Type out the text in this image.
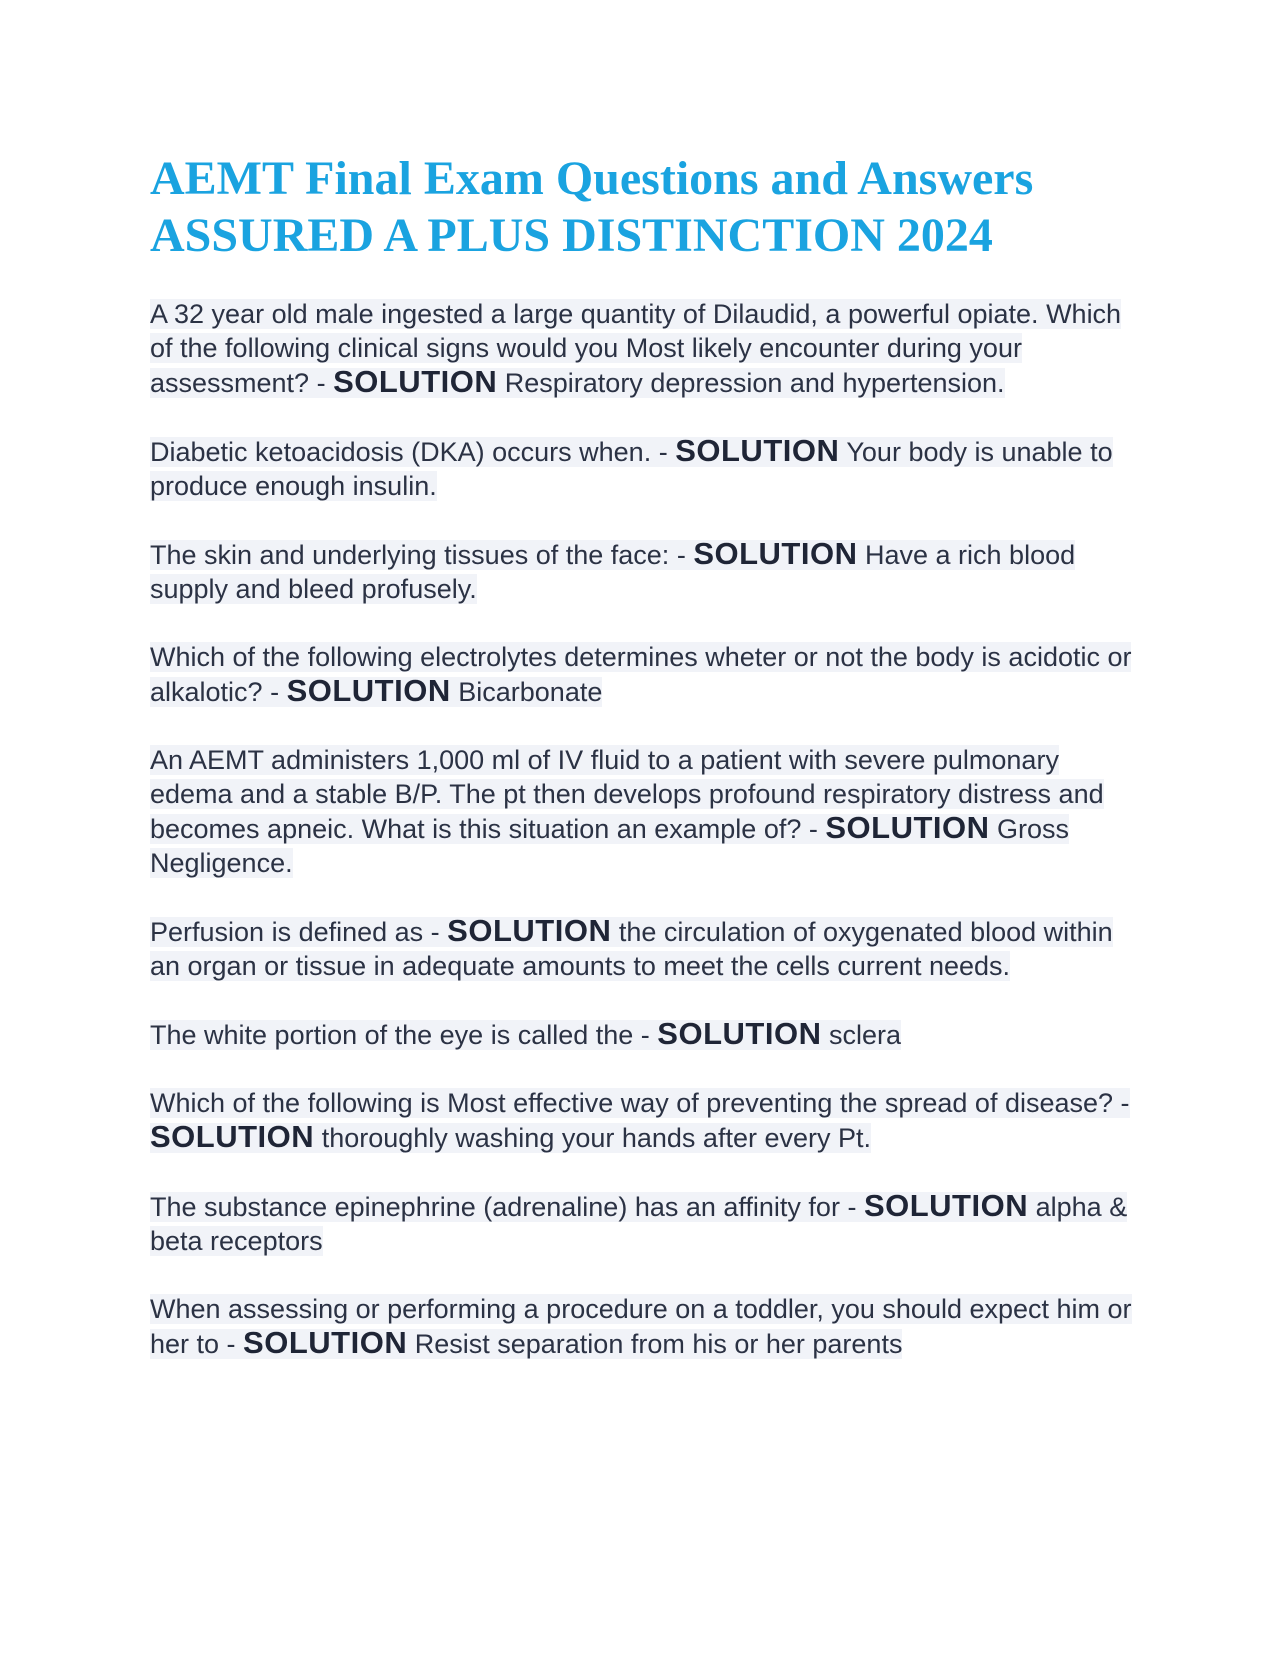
AEMT Final Exam Questions and Answers
ASSURED A PLUS DISTINCTION 2024

A 32 year old male ingested a large quantity of Dilaudid, a powerful opiate. Which of the following clinical signs would you Most likely encounter during your assessment? - SOLUTION Respiratory depression and hypertension.

Diabetic ketoacidosis (DKA) occurs when. - SOLUTION Your body is unable to produce enough insulin.

The skin and underlying tissues of the face: - SOLUTION Have a rich blood supply and bleed profusely.

Which of the following electrolytes determines wheter or not the body is acidotic or alkalotic? - SOLUTION Bicarbonate

An AEMT administers 1,000 ml of IV fluid to a patient with severe pulmonary edema and a stable B/P. The pt then develops profound respiratory distress and becomes apneic. What is this situation an example of? - SOLUTION Gross Negligence.

Perfusion is defined as - SOLUTION the circulation of oxygenated blood within an organ or tissue in adequate amounts to meet the cells current needs.

The white portion of the eye is called the - SOLUTION sclera

Which of the following is Most effective way of preventing the spread of disease? - SOLUTION thoroughly washing your hands after every Pt.

The substance epinephrine (adrenaline) has an affinity for - SOLUTION alpha & beta receptors

When assessing or performing a procedure on a toddler, you should expect him or her to - SOLUTION Resist separation from his or her parents
